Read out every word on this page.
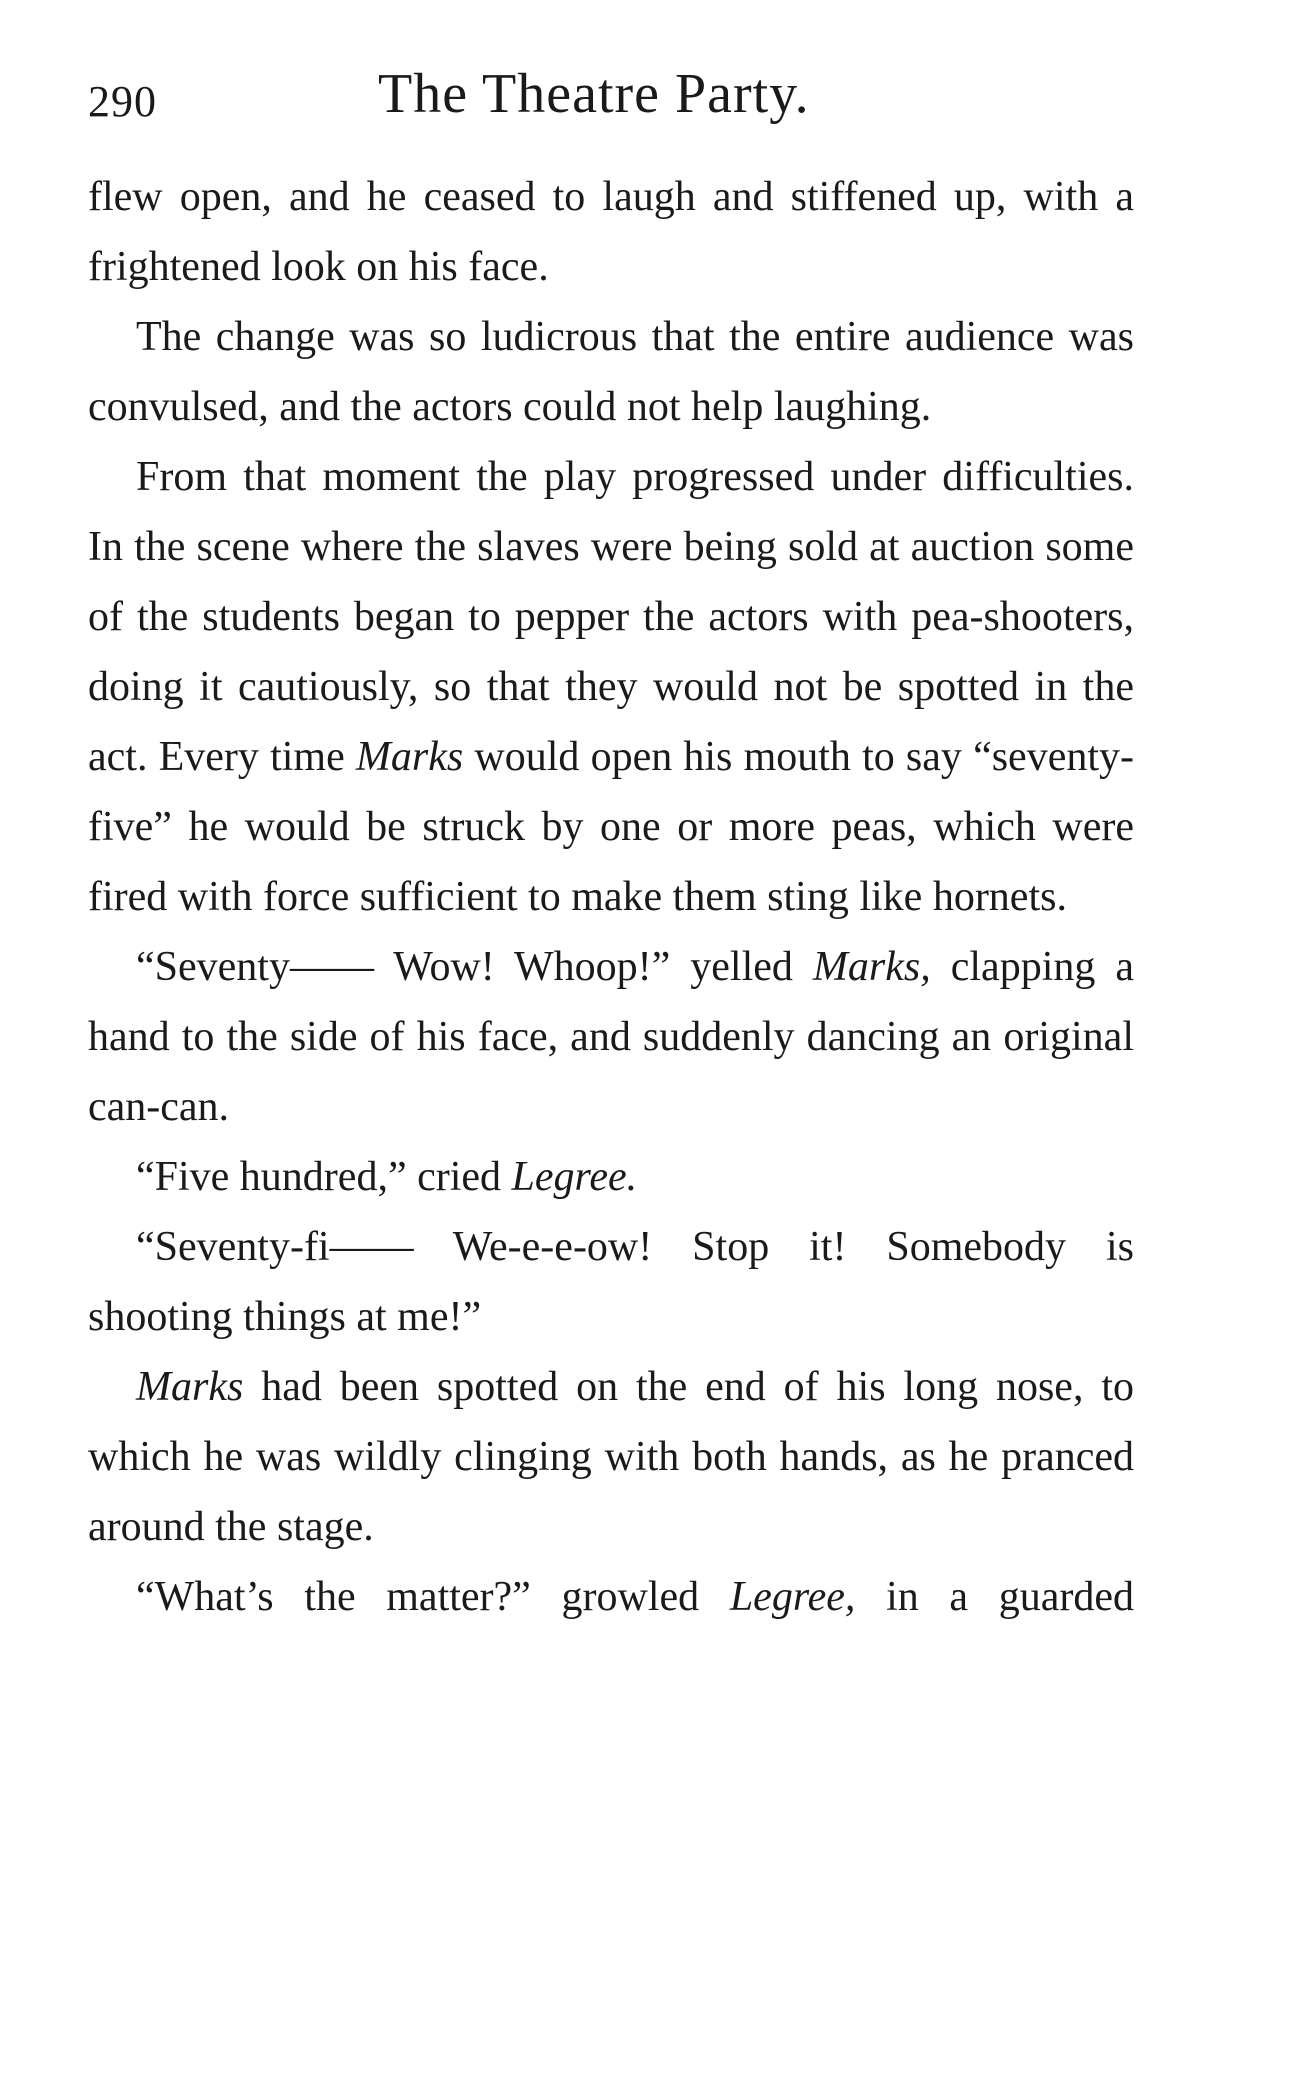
290	The Theatre Party.

flew open, and he ceased to laugh and stiffened up, with a frightened look on his face.

The change was so ludicrous that the entire audience was convulsed, and the actors could not help laughing.

From that moment the play progressed under difficulties. In the scene where the slaves were being sold at auction some of the students began to pepper the actors with pea-shooters, doing it cautiously, so that they would not be spotted in the act. Every time Marks would open his mouth to say “seventy-five” he would be struck by one or more peas, which were fired with force sufficient to make them sting like hornets.

“Seventy—— Wow! Whoop!” yelled Marks, clapping a hand to the side of his face, and suddenly dancing an original can-can.

“Five hundred,” cried Legree.

“Seventy-fi—— We-e-e-ow! Stop it! Somebody is shooting things at me!”

Marks had been spotted on the end of his long nose, to which he was wildly clinging with both hands, as he pranced around the stage.

“What’s the matter?” growled Legree, in a guarded
